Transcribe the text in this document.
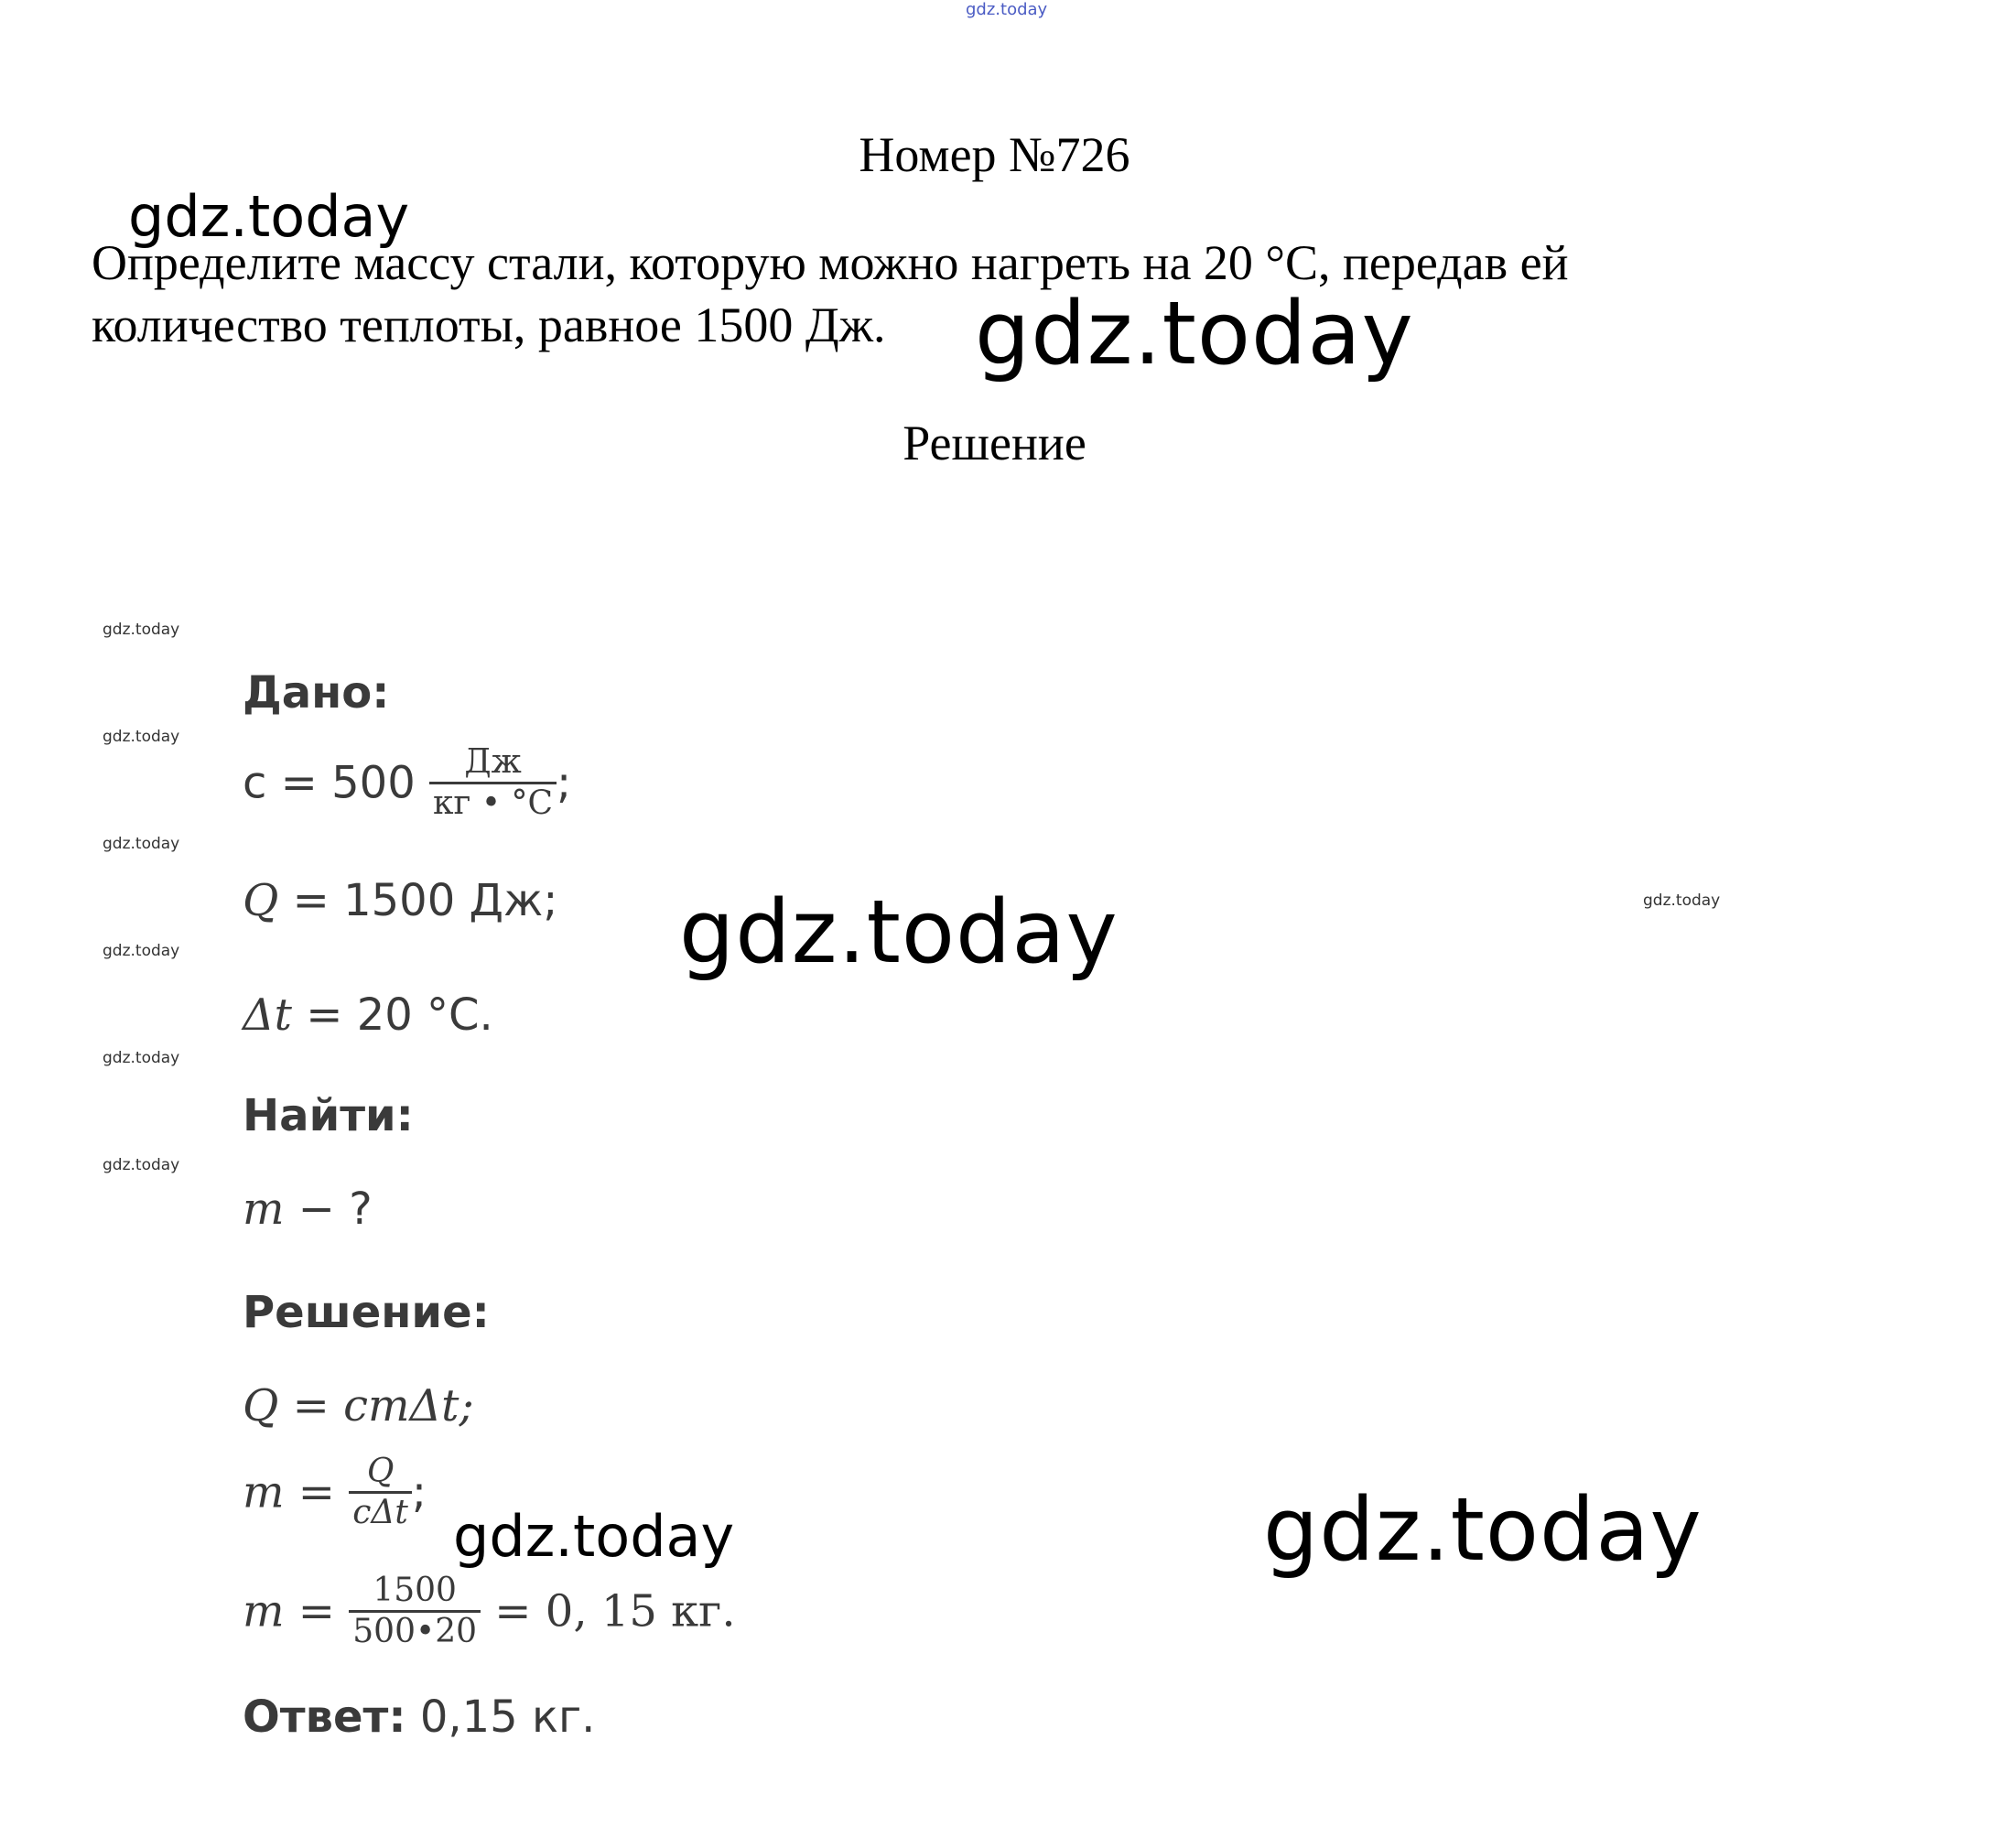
gdz.today
gdz.today
gdz.today
gdz.today
gdz.today	gdz.today
gdz.today
gdz.today
gdz.today
gdz.today
gdz.today
gdz.today
gdz.today
Номер №726
Определите массу стали, которую можно нагреть на 20 °С, передав ей
количество теплоты, равное 1500 Дж.
Решение
Дано:
$c = 500 \frac{Дж}{кг • ^\circ С}$ ;
Q = 1500 Дж;
Δt = 20 °С.
Найти:
m − ?
Решение:
Q = cmΔt;
$m = \frac{Q}{\text{cΔt}}$ ;
$m = \frac{1500}{500•20} = 0$, 15 кг.
Ответ: 0,15 кг.
